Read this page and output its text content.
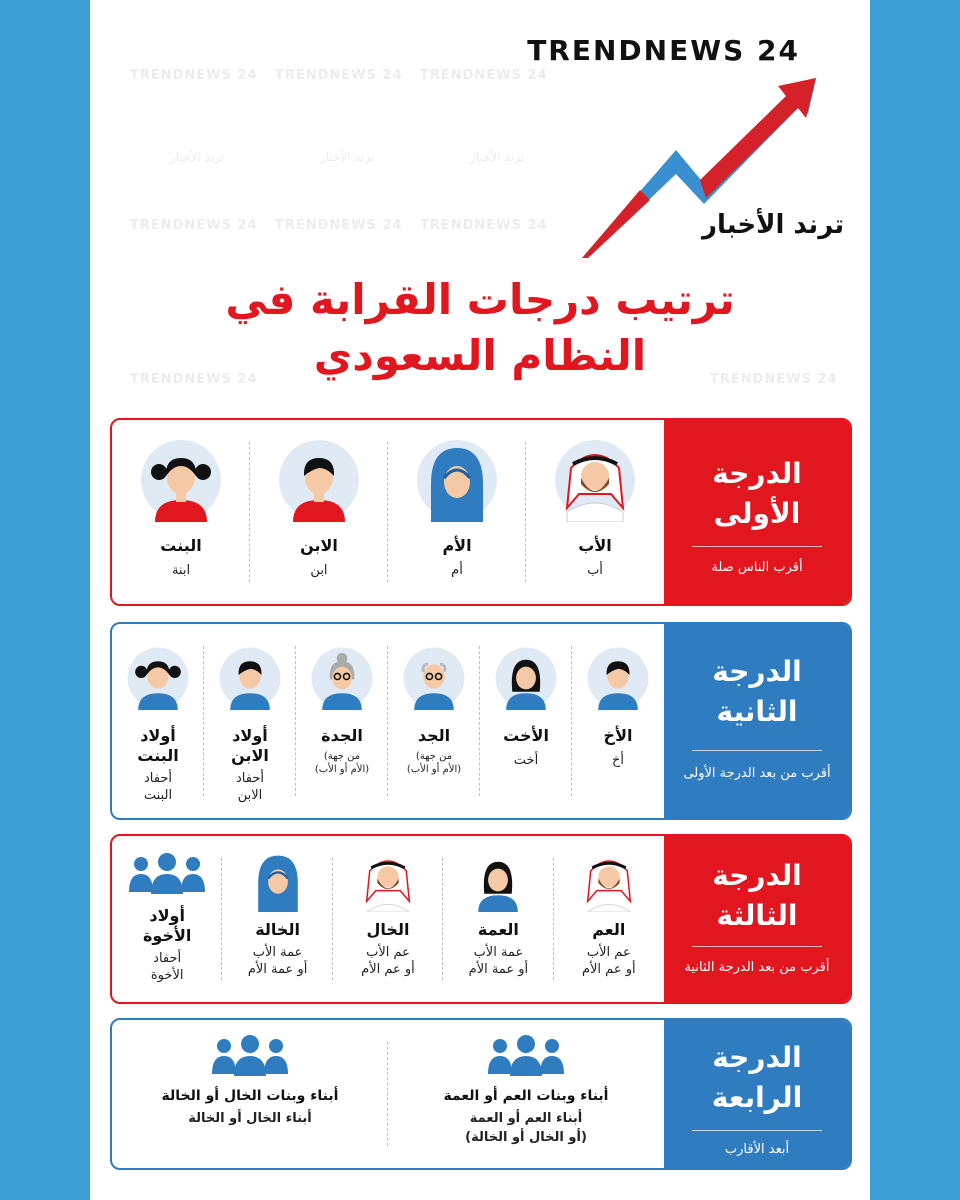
TRENDNEWS 24 TRENDNEWS 24 TRENDNEWS 24
ترند الأخبار	ترند الأخبار	ترند الأخبار
TRENDNEWS 24 TRENDNEWS 24 TRENDNEWS 24
TRENDNEWS 24	TRENDNEWS 24
TRENDNEWS 24
ترند الأخبار
ترتيب درجات القرابة في
النظام السعودي
الدرجة
الأولى
أقرب الناس صلة
الأب
أب
الأم
أم
الابن
ابن
البنت
ابنة
الدرجة
الثانية
أقرب من بعد الدرجة الأولى
الأخ
أخ
الأخت
أخت
الجد
(من جهة
(الأم أو الأب)
الجدة
(من جهة
(الأم أو الأب)
أولاد
الابن
أحفاد
الابن
أولاد
البنت
أحفاد
البنت
الدرجة
الثالثة
أقرب من بعد الدرجة الثانية
العم
عم الأب
أو عم الأم
العمة
عمة الأب
أو عمة الأم
الخال
عم الأب
أو عم الأم
الخالة
عمة الأب
أو عمة الأم
أولاد
الأخوة
أحفاد
الأخوة
الدرجة
الرابعة
أبعد الأقارب
أبناء وبنات العم أو العمة
أبناء العم أو العمة
(أو الخال أو الخالة)
أبناء وبنات الخال أو الخالة
أبناء الخال أو الخالة
